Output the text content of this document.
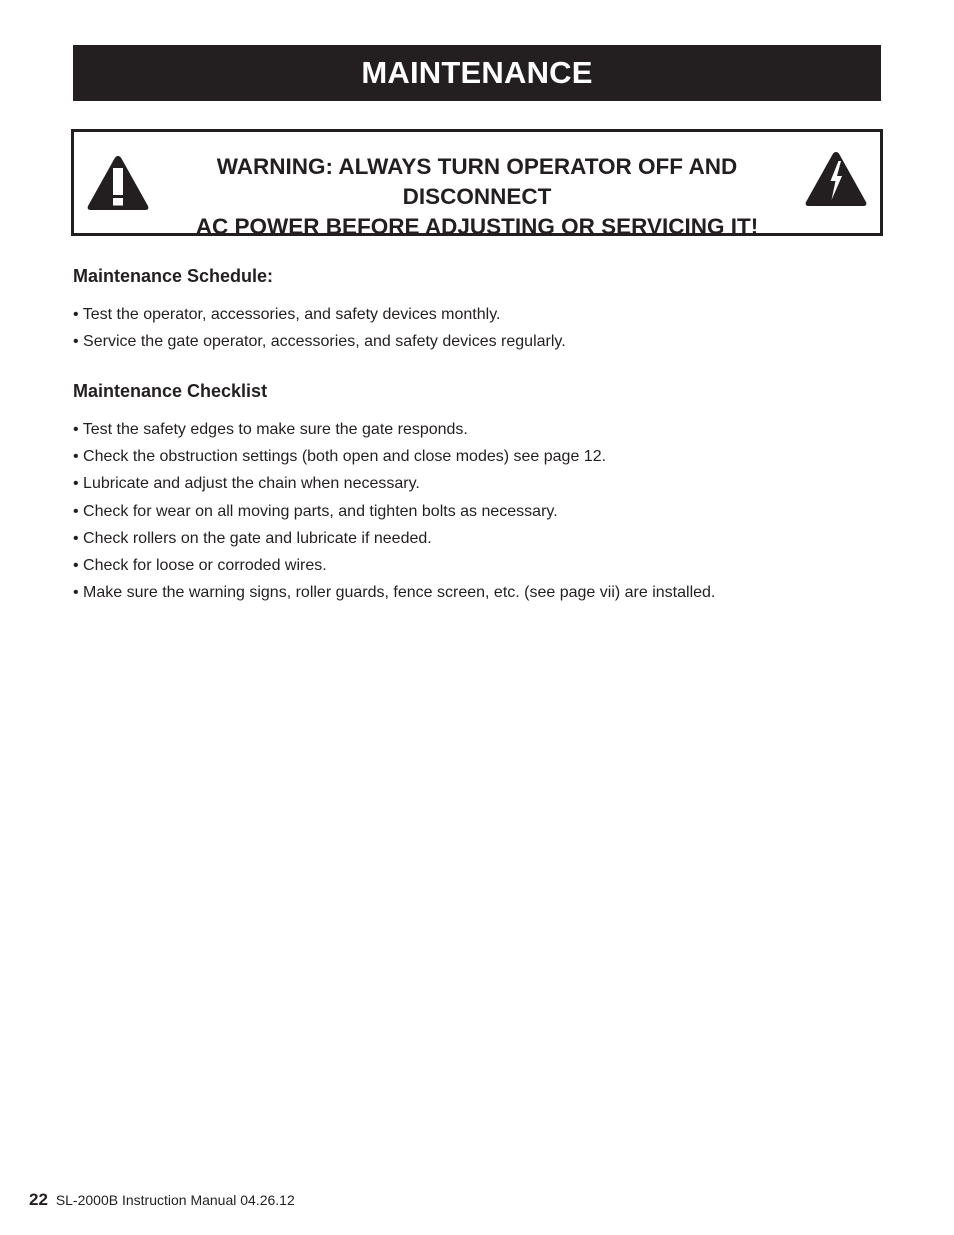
MAINTENANCE
WARNING: ALWAYS TURN OPERATOR OFF AND DISCONNECT
AC POWER BEFORE ADJUSTING OR SERVICING IT!
Maintenance Schedule:
• Test the operator, accessories, and safety devices monthly.
• Service the gate operator, accessories, and safety devices regularly.
Maintenance Checklist
• Test the safety edges to make sure the gate responds.
• Check the obstruction settings (both open and close modes) see page 12.
• Lubricate and adjust the chain when necessary.
• Check for wear on all moving parts, and tighten bolts as necessary.
• Check rollers on the gate and lubricate if needed.
• Check for loose or corroded wires.
• Make sure the warning signs, roller guards, fence screen, etc. (see page vii) are installed.
22 SL-2000B Instruction Manual 04.26.12
